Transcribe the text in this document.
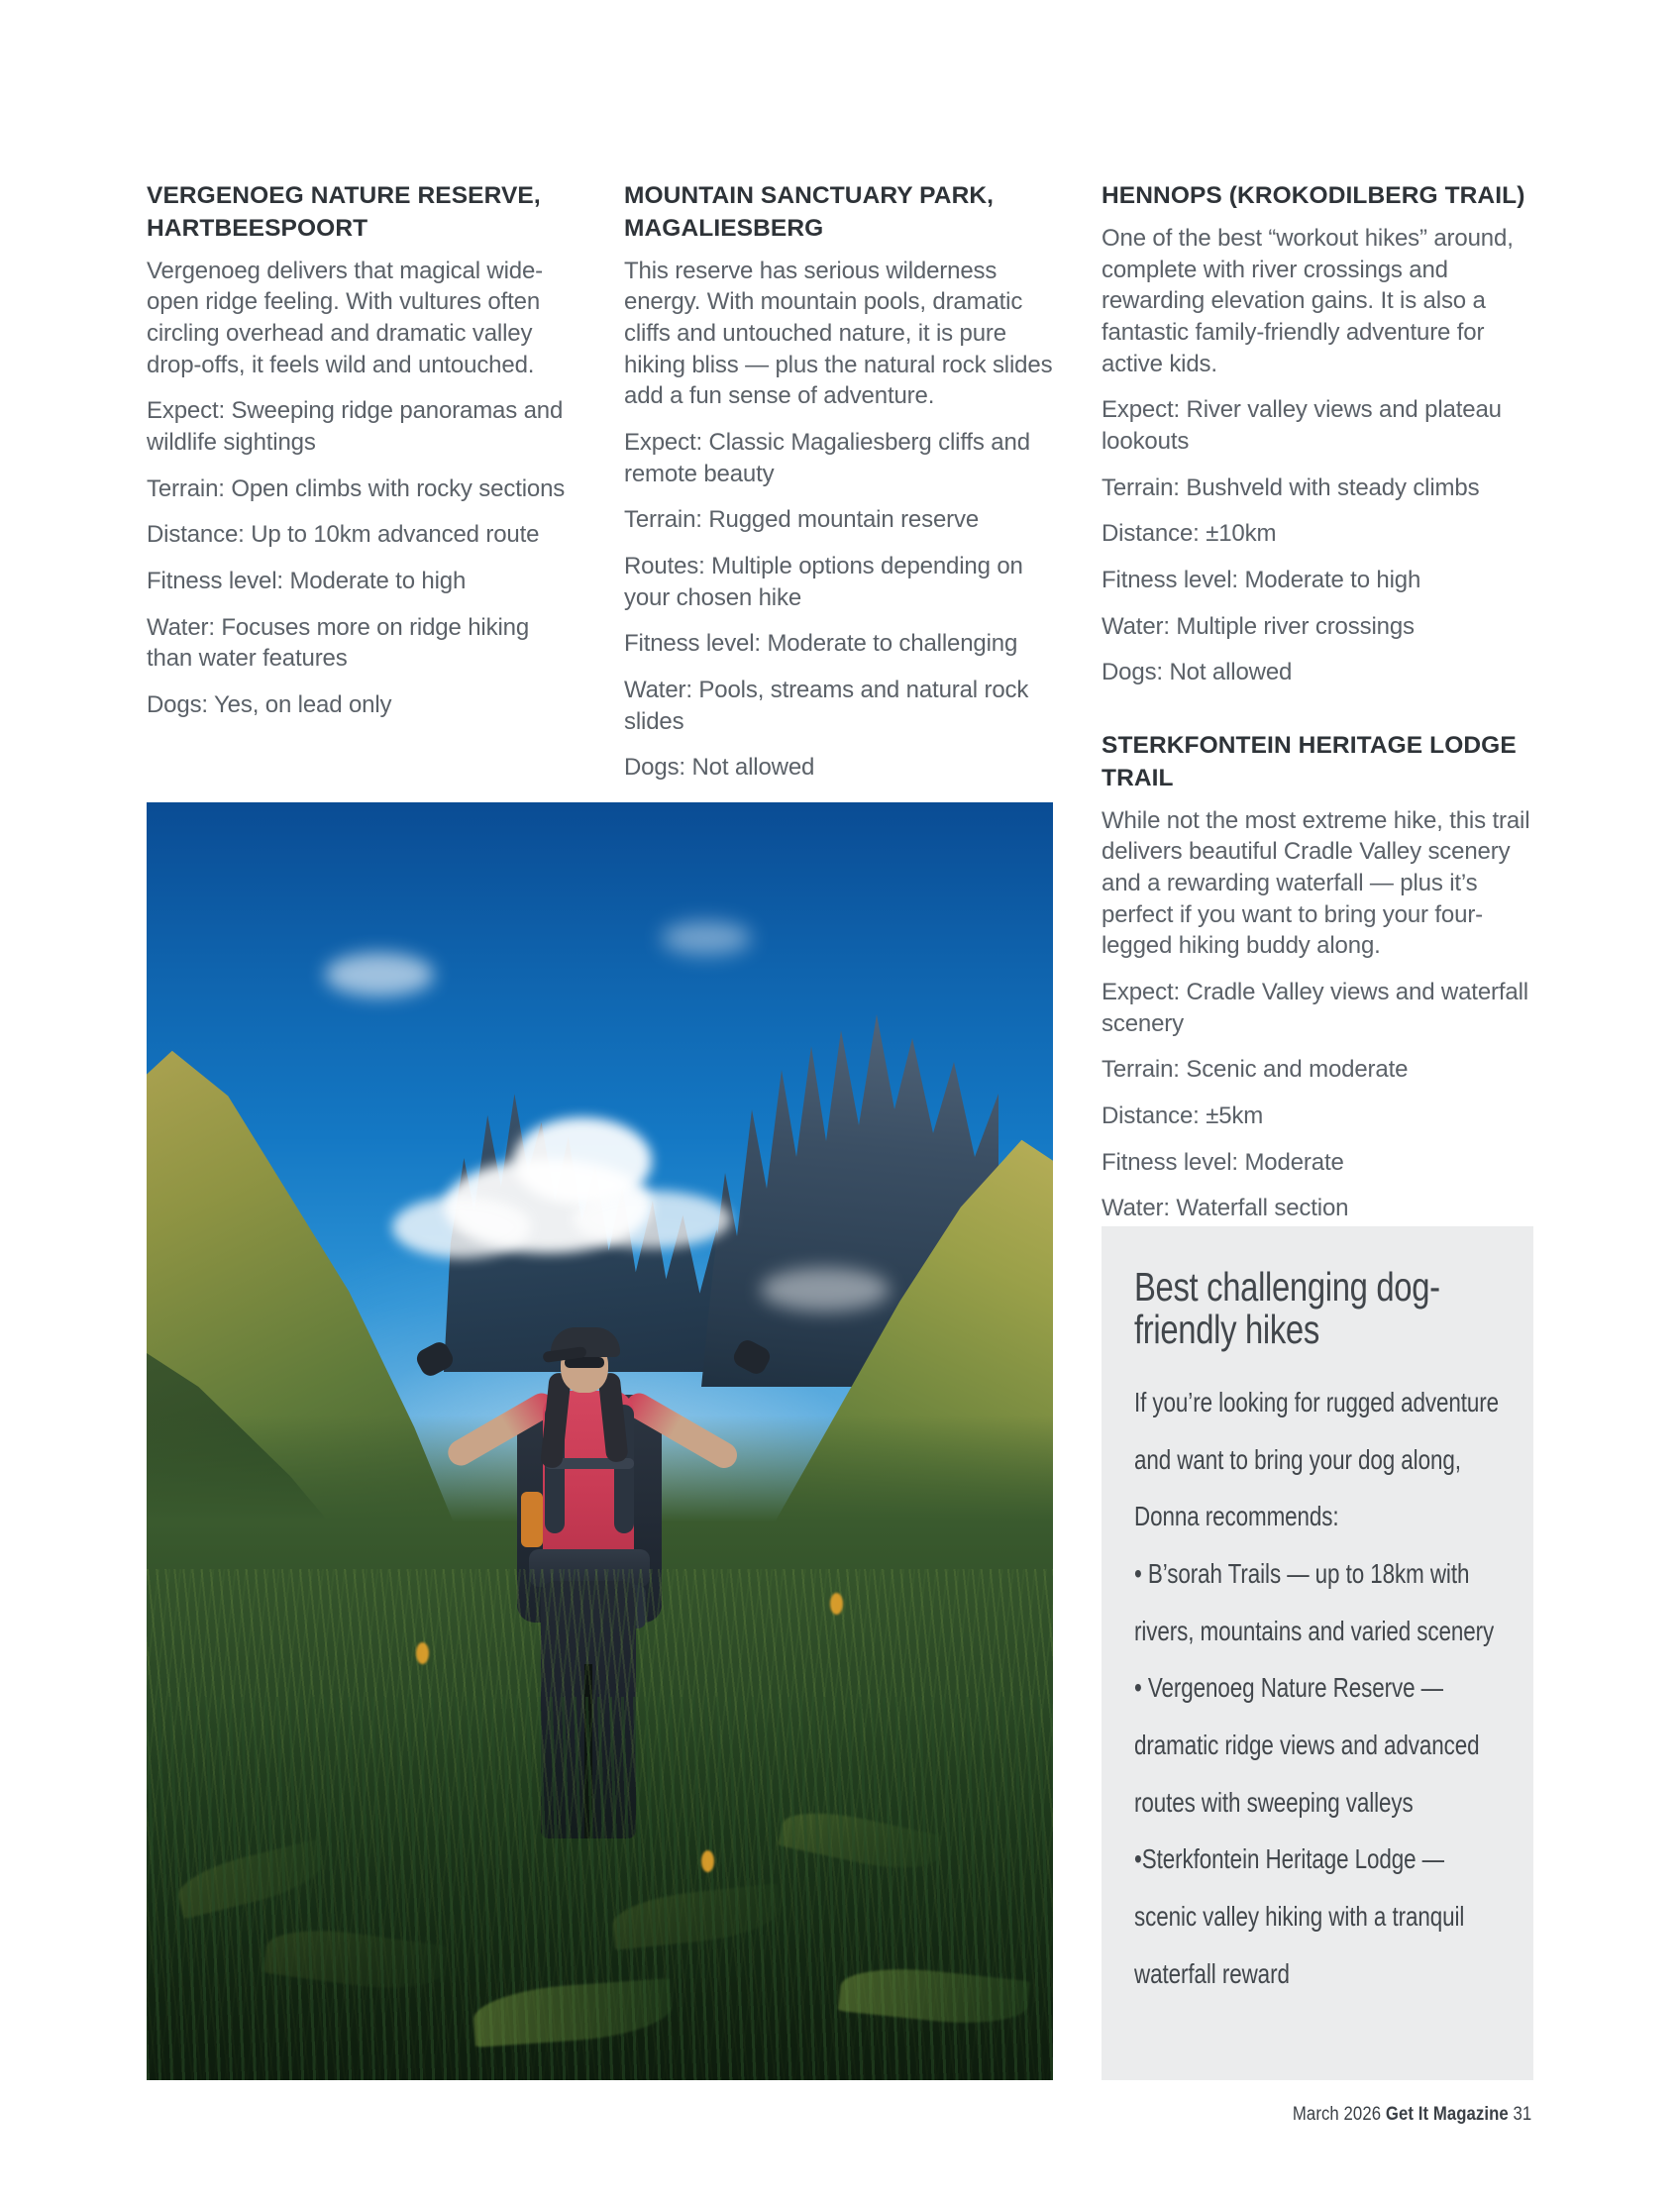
VERGENOEG NATURE RESERVE, HARTBEESPOORT

Vergenoeg delivers that magical wide-open ridge feeling. With vultures often circling overhead and dramatic valley drop-offs, it feels wild and untouched.

Expect: Sweeping ridge panoramas and wildlife sightings

Terrain: Open climbs with rocky sections

Distance: Up to 10km advanced route

Fitness level: Moderate to high

Water: Focuses more on ridge hiking than water features

Dogs: Yes, on lead only

MOUNTAIN SANCTUARY PARK, MAGALIESBERG

This reserve has serious wilderness energy. With mountain pools, dramatic cliffs and untouched nature, it is pure hiking bliss — plus the natural rock slides add a fun sense of adventure.

Expect: Classic Magaliesberg cliffs and remote beauty

Terrain: Rugged mountain reserve

Routes: Multiple options depending on your chosen hike

Fitness level: Moderate to challenging

Water: Pools, streams and natural rock slides

Dogs: Not allowed

HENNOPS (KROKODILBERG TRAIL)

One of the best “workout hikes” around, complete with river crossings and rewarding elevation gains. It is also a fantastic family-friendly adventure for active kids.

Expect: River valley views and plateau lookouts

Terrain: Bushveld with steady climbs

Distance: ±10km

Fitness level: Moderate to high

Water: Multiple river crossings

Dogs: Not allowed

STERKFONTEIN HERITAGE LODGE TRAIL

While not the most extreme hike, this trail delivers beautiful Cradle Valley scenery and a rewarding waterfall — plus it’s perfect if you want to bring your four-legged hiking buddy along.

Expect: Cradle Valley views and waterfall scenery

Terrain: Scenic and moderate

Distance: ±5km

Fitness level: Moderate

Water: Waterfall section

Best challenging dog-friendly hikes

If you’re looking for rugged adventure and want to bring your dog along, Donna recommends:

• B’sorah Trails — up to 18km with rivers, mountains and varied scenery

• Vergenoeg Nature Reserve — dramatic ridge views and advanced routes with sweeping valleys

•Sterkfontein Heritage Lodge — scenic valley hiking with a tranquil waterfall reward

March 2026 Get It Magazine 31
